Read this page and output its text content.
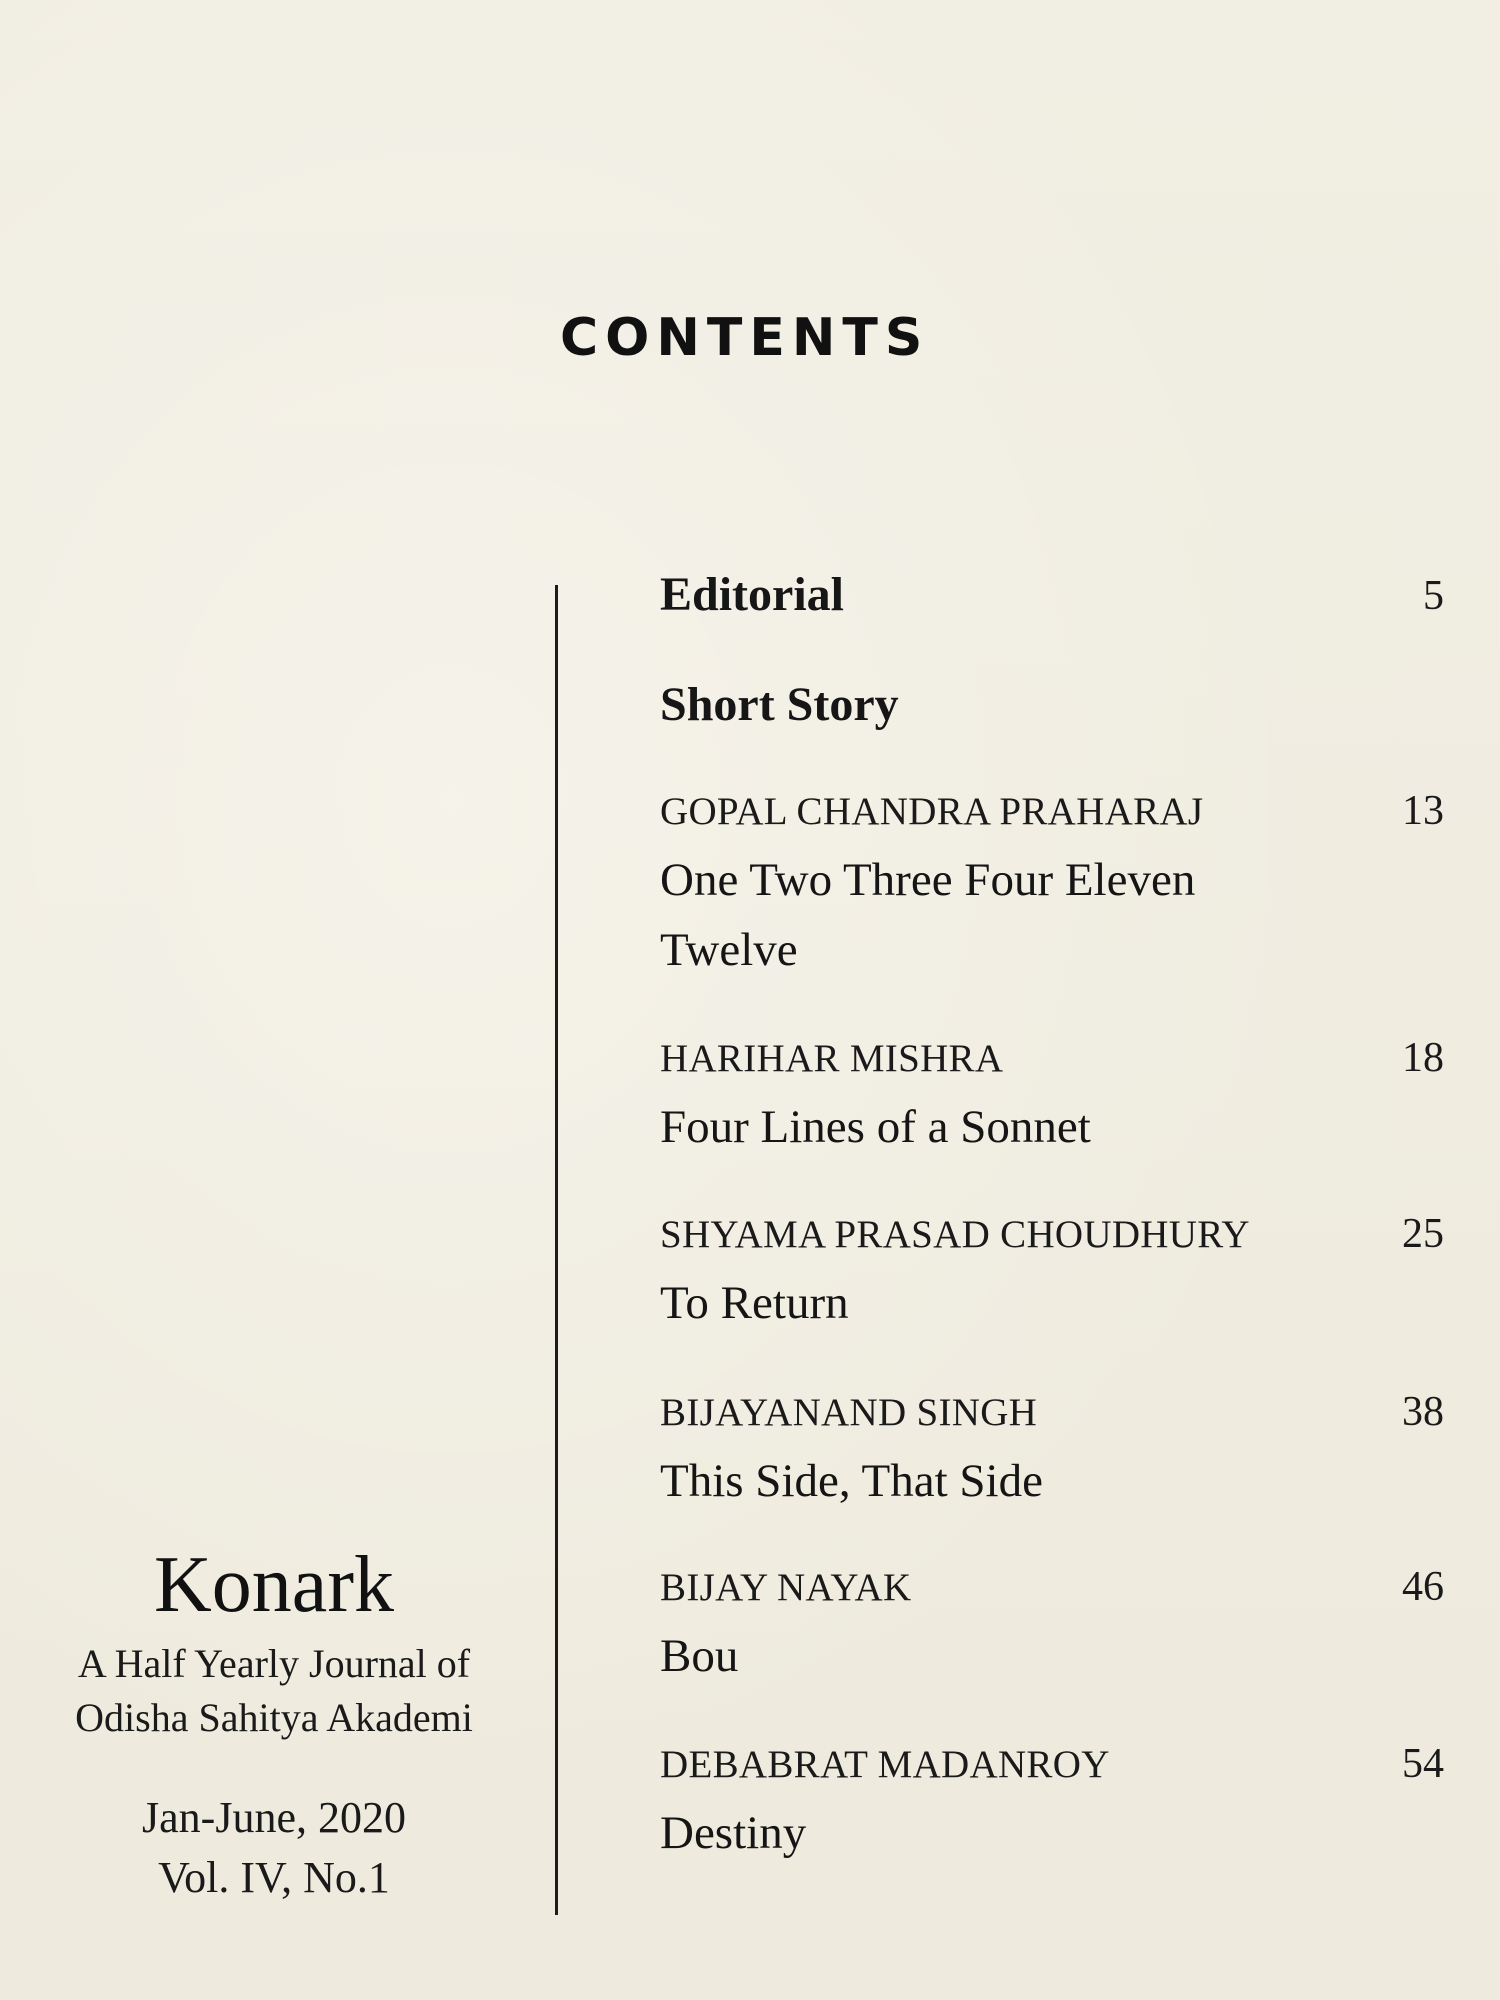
CONTENTS
Editorial	5
Short Story
GOPAL CHANDRA PRAHARAJ	13
One Two Three Four Eleven
Twelve
HARIHAR MISHRA	18
Four Lines of a Sonnet
SHYAMA PRASAD CHOUDHURY	25
To Return
BIJAYANAND SINGH	38
This Side, That Side
BIJAY NAYAK	46
Bou
DEBABRAT MADANROY	54
Destiny
Konark
A Half Yearly Journal of
Odisha Sahitya Akademi
Jan-June, 2020
Vol. IV, No.1
